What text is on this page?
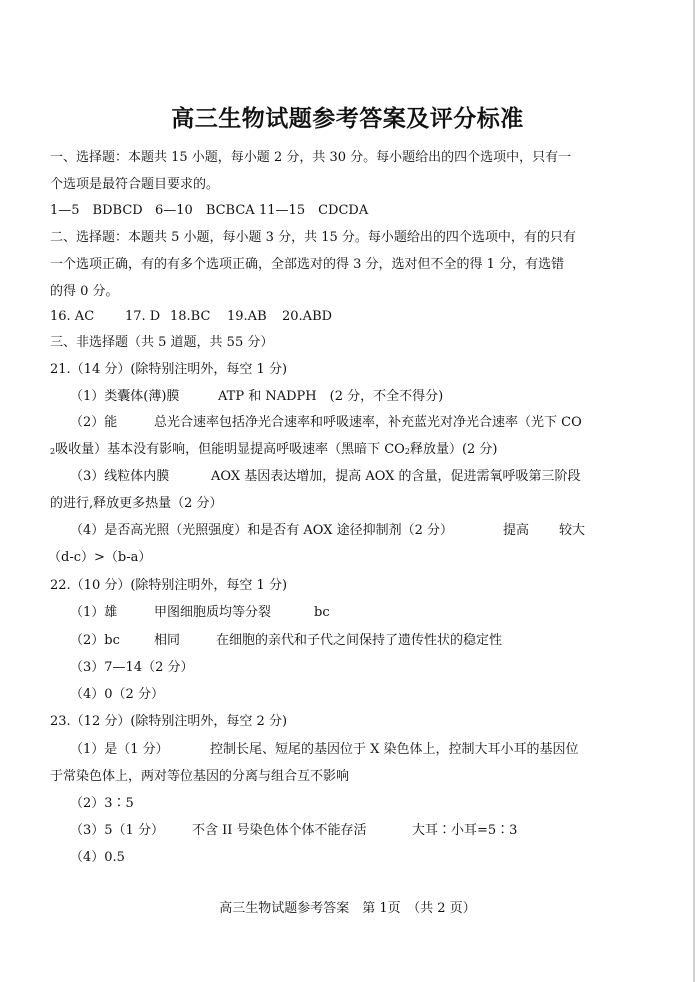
高三生物试题参考答案及评分标准
一、选择题：本题共 15 小题，每小题 2 分，共 30 分。每小题给出的四个选项中，只有一
个选项是最符合题目要求的。
1—5　BDBCD 6—10　BCBCA 11—15　CDCDA
二、选择题：本题共 5 小题，每小题 3 分，共 15 分。每小题给出的四个选项中，有的只有
一个选项正确，有的有多个选项正确，全部选对的得 3 分，选对但不全的得 1 分，有选错
的得 0 分。
16. AC 17. D 18.BC 19.AB 20.ABD
三、非选择题（共 5 道题，共 55 分）
21.（14 分）(除特别注明外，每空 1 分)
（1）类囊体(薄)膜	ATP 和 NADPH　(2 分，不全不得分)
（2）能	总光合速率包括净光合速率和呼吸速率，补充蓝光对净光合速率（光下 CO
$_2$吸收量）基本没有影响，但能明显提高呼吸速率（黑暗下 $CO_2$释放量）(2 分)
（3）线粒体内膜	AOX 基因表达增加，提高 AOX 的含量，促进需氧呼吸第三阶段
的进行,释放更多热量（2 分）
（4）是否高光照（光照强度）和是否有 AOX 途径抑制剂（2 分）	提高 较大
（d-c）>（b-a）
22.（10 分）(除特别注明外，每空 1 分)
（1）雄	甲图细胞质均等分裂	bc
（2）bc	相同	在细胞的亲代和子代之间保持了遗传性状的稳定性
（3）7—14（2 分）
（4）0（2 分）
23.（12 分）(除特别注明外，每空 2 分)
（1）是（1 分）	控制长尾、短尾的基因位于 X 染色体上，控制大耳小耳的基因位
于常染色体上，两对等位基因的分离与组合互不影响
（2）3∶5
（3）5（1 分） 不含 II 号染色体个体不能存活	大耳∶小耳=5∶3
（4）0.5
高三生物试题参考答案　第 1页　（共 2 页）
